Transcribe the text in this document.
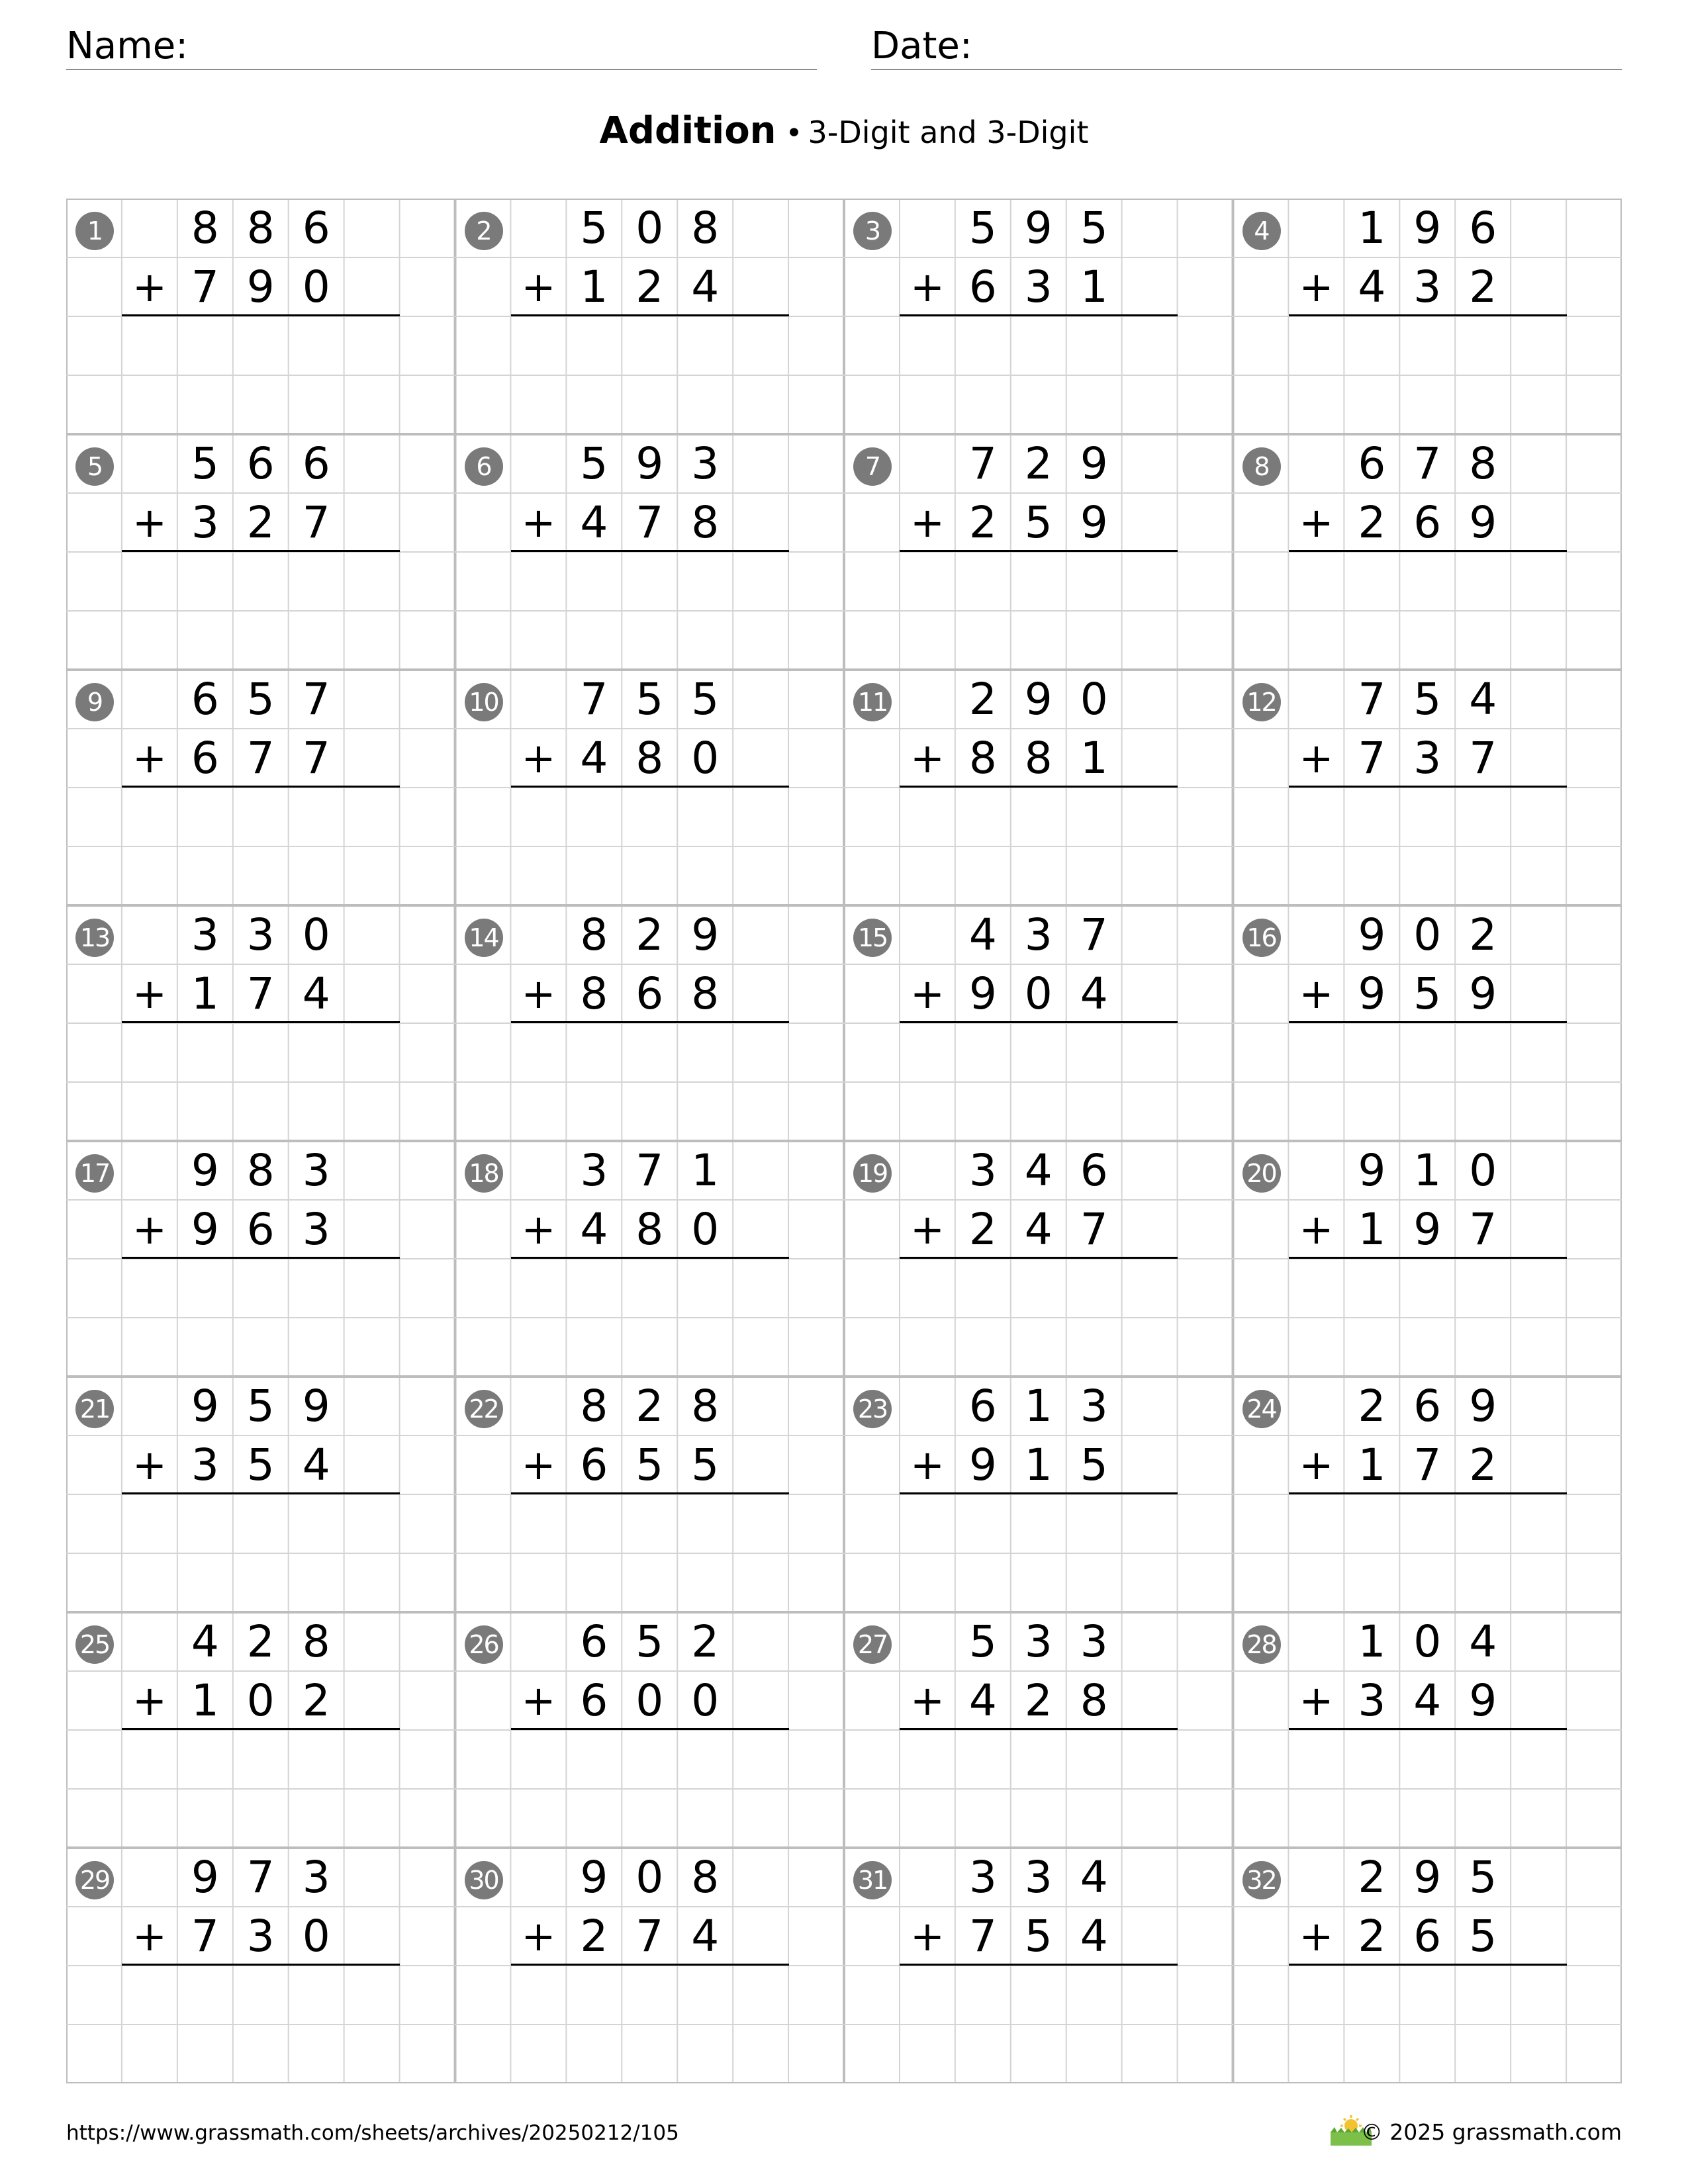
Name:	Date:
Addition • 3-Digit and 3-Digit
1	8 8 6
7 9 0
+
2	5 0 8
1 2 4
+
3	5 9 5
6 3 1
+
4	1 9 6
4 3 2
+
5	5 6 6
3 2 7
+
6	5 9 3
4 7 8
+
7	7 2 9
2 5 9
+
8	6 7 8
2 6 9
+
9	6 5 7
6 7 7
+
10	7 5 5
4 8 0
+
11	2 9 0
8 8 1
+
12	7 5 4
7 3 7
+
13	3 3 0
1 7 4
+
14	8 2 9
8 6 8
+
15	4 3 7
9 0 4
+
16	9 0 2
9 5 9
+
17	9 8 3
9 6 3
+
18	3 7 1
4 8 0
+
19	3 4 6
2 4 7
+
20	9 1 0
1 9 7
+
21	9 5 9
3 5 4
+
22	8 2 8
6 5 5
+
23	6 1 3
9 1 5
+
24	2 6 9
1 7 2
+
25	4 2 8
1 0 2
+
26	6 5 2
6 0 0
+
27	5 3 3
4 2 8
+
28	1 0 4
3 4 9
+
29	9 7 3
7 3 0
+
30	9 0 8
2 7 4
+
31	3 3 4
7 5 4
+
32	2 9 5
2 6 5
+
https://www.grassmath.com/sheets/archives/20250212/105	© 2025 grassmath.com
